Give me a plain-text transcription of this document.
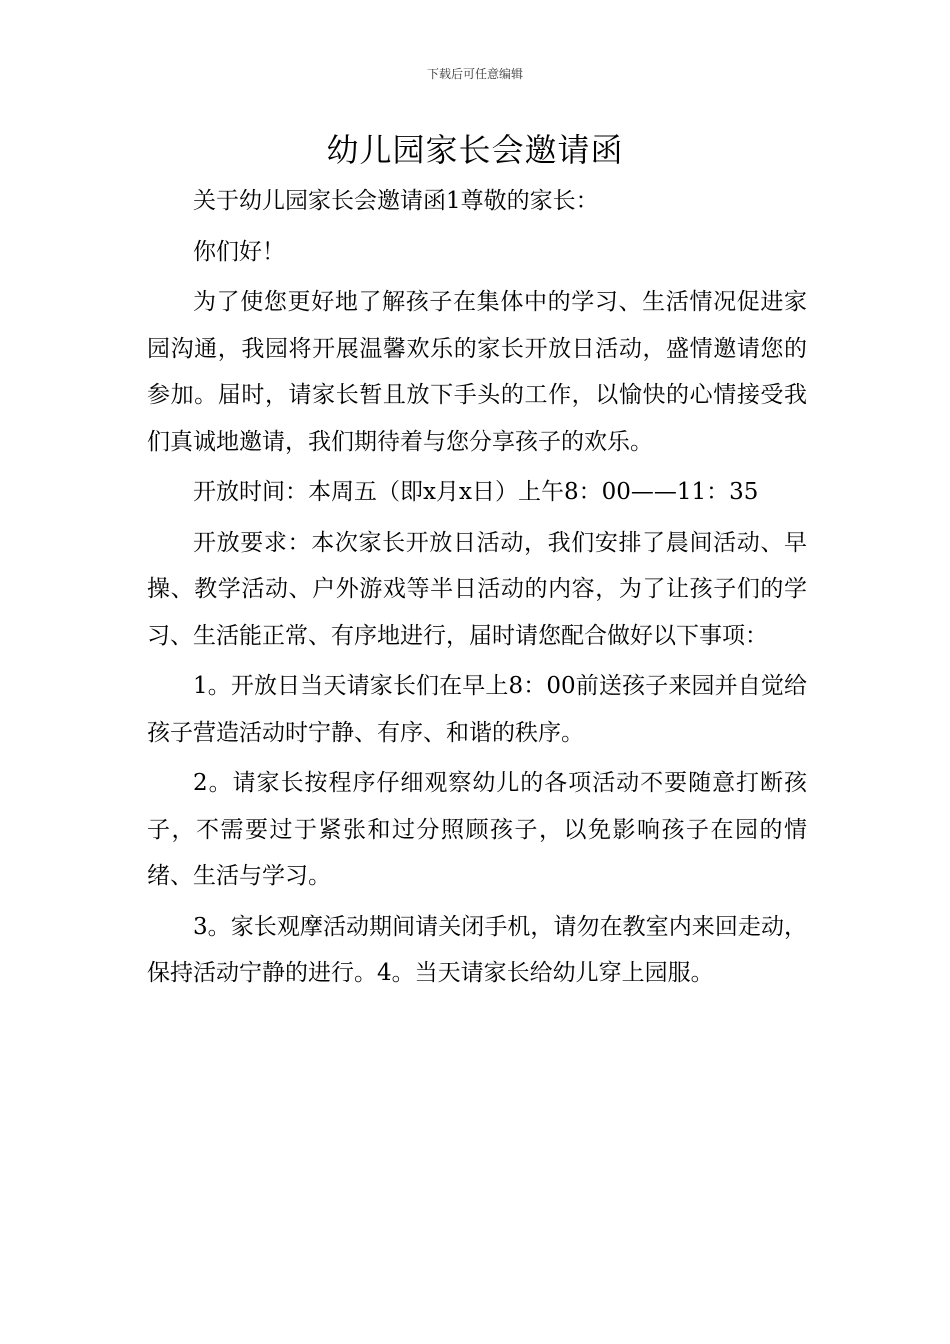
下载后可任意编辑
幼儿园家长会邀请函

关于幼儿园家长会邀请函1尊敬的家长：

你们好！

为了使您更好地了解孩子在集体中的学习、生活情况促进家园沟通，我园将开展温馨欢乐的家长开放日活动，盛情邀请您的参加。届时，请家长暂且放下手头的工作，以愉快的心情接受我们真诚地邀请，我们期待着与您分享孩子的欢乐。

开放时间：本周五（即x月x日）上午8：00——11：35

开放要求：本次家长开放日活动，我们安排了晨间活动、早操、教学活动、户外游戏等半日活动的内容，为了让孩子们的学习、生活能正常、有序地进行，届时请您配合做好以下事项：

1。开放日当天请家长们在早上8：00前送孩子来园并自觉给孩子营造活动时宁静、有序、和谐的秩序。

2。请家长按程序仔细观察幼儿的各项活动不要随意打断孩子，不需要过于紧张和过分照顾孩子，以免影响孩子在园的情绪、生活与学习。

3。家长观摩活动期间请关闭手机，请勿在教室内来回走动，保持活动宁静的进行。4。当天请家长给幼儿穿上园服。
